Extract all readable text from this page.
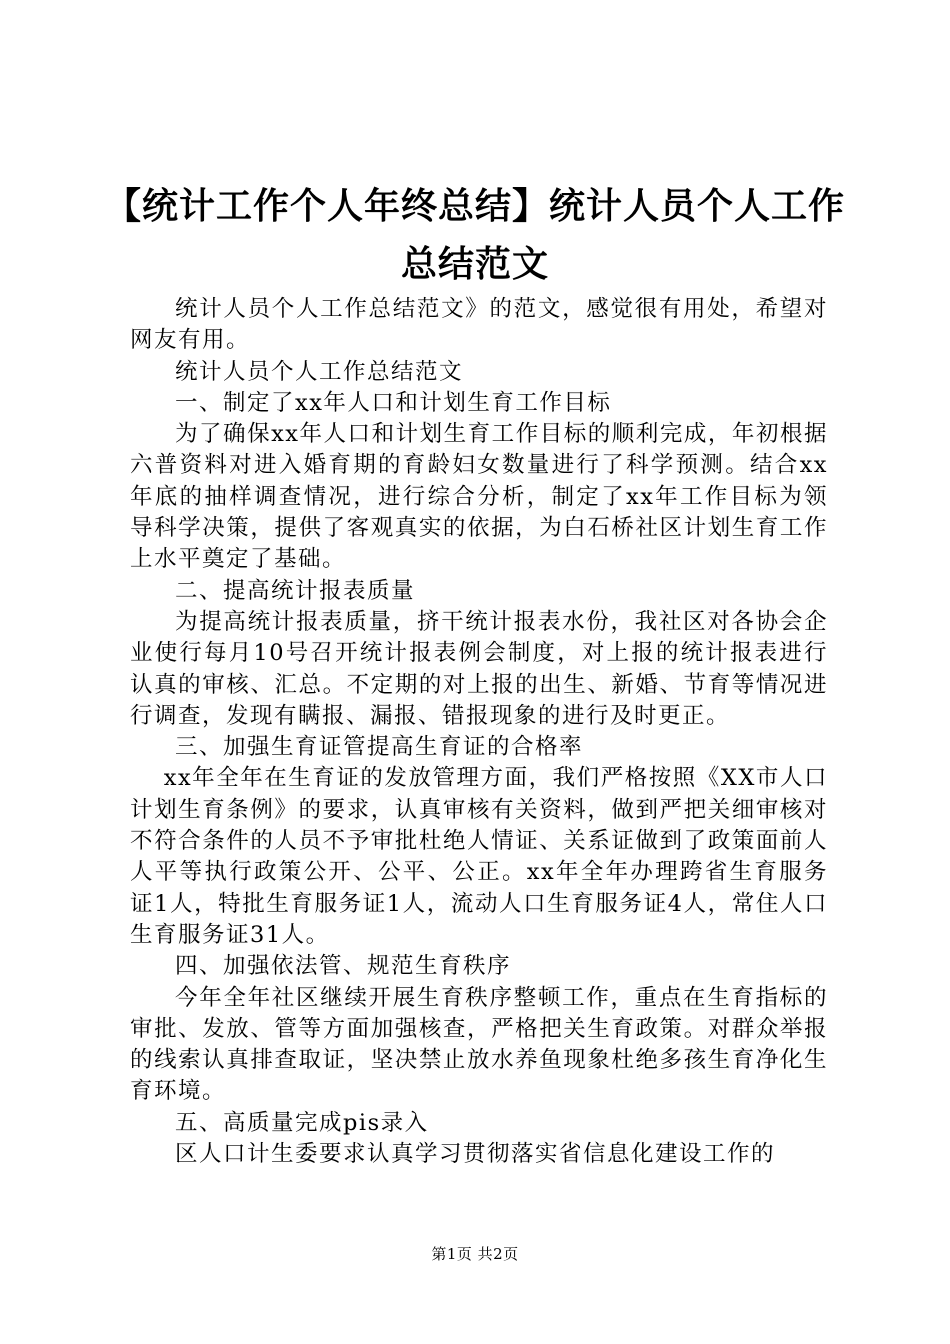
【统计工作个人年终总结】统计人员个人工作总结范文

统计人员个人工作总结范文》的范文，感觉很有用处，希望对网友有用。

统计人员个人工作总结范文

一、制定了xx年人口和计划生育工作目标

为了确保xx年人口和计划生育工作目标的顺利完成，年初根据六普资料对进入婚育期的育龄妇女数量进行了科学预测。结合xx年底的抽样调查情况，进行综合分析，制定了xx年工作目标为领导科学决策，提供了客观真实的依据，为白石桥社区计划生育工作上水平奠定了基础。

二、提高统计报表质量

为提高统计报表质量，挤干统计报表水份，我社区对各协会企业使行每月10号召开统计报表例会制度，对上报的统计报表进行认真的审核、汇总。不定期的对上报的出生、新婚、节育等情况进行调查，发现有瞒报、漏报、错报现象的进行及时更正。

三、加强生育证管提高生育证的合格率

xx年全年在生育证的发放管理方面，我们严格按照《XX市人口计划生育条例》的要求，认真审核有关资料，做到严把关细审核对不符合条件的人员不予审批杜绝人情证、关系证做到了政策面前人人平等执行政策公开、公平、公正。xx年全年办理跨省生育服务证1人，特批生育服务证1人，流动人口生育服务证4人，常住人口生育服务证31人。

四、加强依法管、规范生育秩序

今年全年社区继续开展生育秩序整顿工作，重点在生育指标的审批、发放、管等方面加强核查，严格把关生育政策。对群众举报的线索认真排查取证，坚决禁止放水养鱼现象杜绝多孩生育净化生育环境。

五、高质量完成pis录入

区人口计生委要求认真学习贯彻落实省信息化建设工作的

第1页 共2页
